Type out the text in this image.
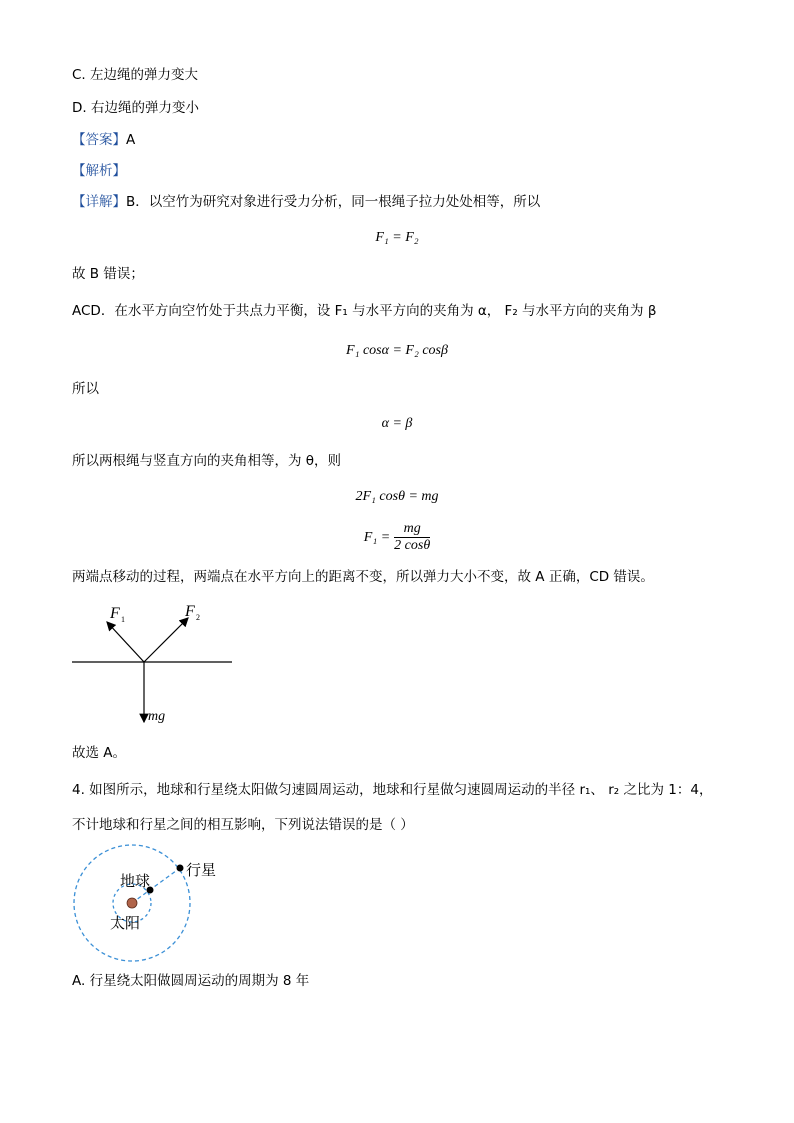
C. 左边绳的弹力变大
D. 右边绳的弹力变小
【答案】A
【解析】
【详解】B．以空竹为研究对象进行受力分析，同一根绳子拉力处处相等，所以
F₁ = F₂
故 B 错误；
ACD．在水平方向空竹处于共点力平衡，设 F₁ 与水平方向的夹角为 α， F₂ 与水平方向的夹角为 β
F₁ cosα = F₂ cosβ
所以
α = β
所以两根绳与竖直方向的夹角相等，为 θ，则
2F₁ cosθ = mg
$F_1 = \frac{mg}{2 \cos\theta}$
两端点移动的过程，两端点在水平方向上的距离不变，所以弹力大小不变，故 A 正确，CD 错误。
F 1	F 2
mg
故选 A。
4. 如图所示，地球和行星绕太阳做匀速圆周运动，地球和行星做匀速圆周运动的半径 r₁、 r₂ 之比为 1：4，
不计地球和行星之间的相互影响，下列说法错误的是（ ）
行星
地球
太阳
A. 行星绕太阳做圆周运动的周期为 8 年
